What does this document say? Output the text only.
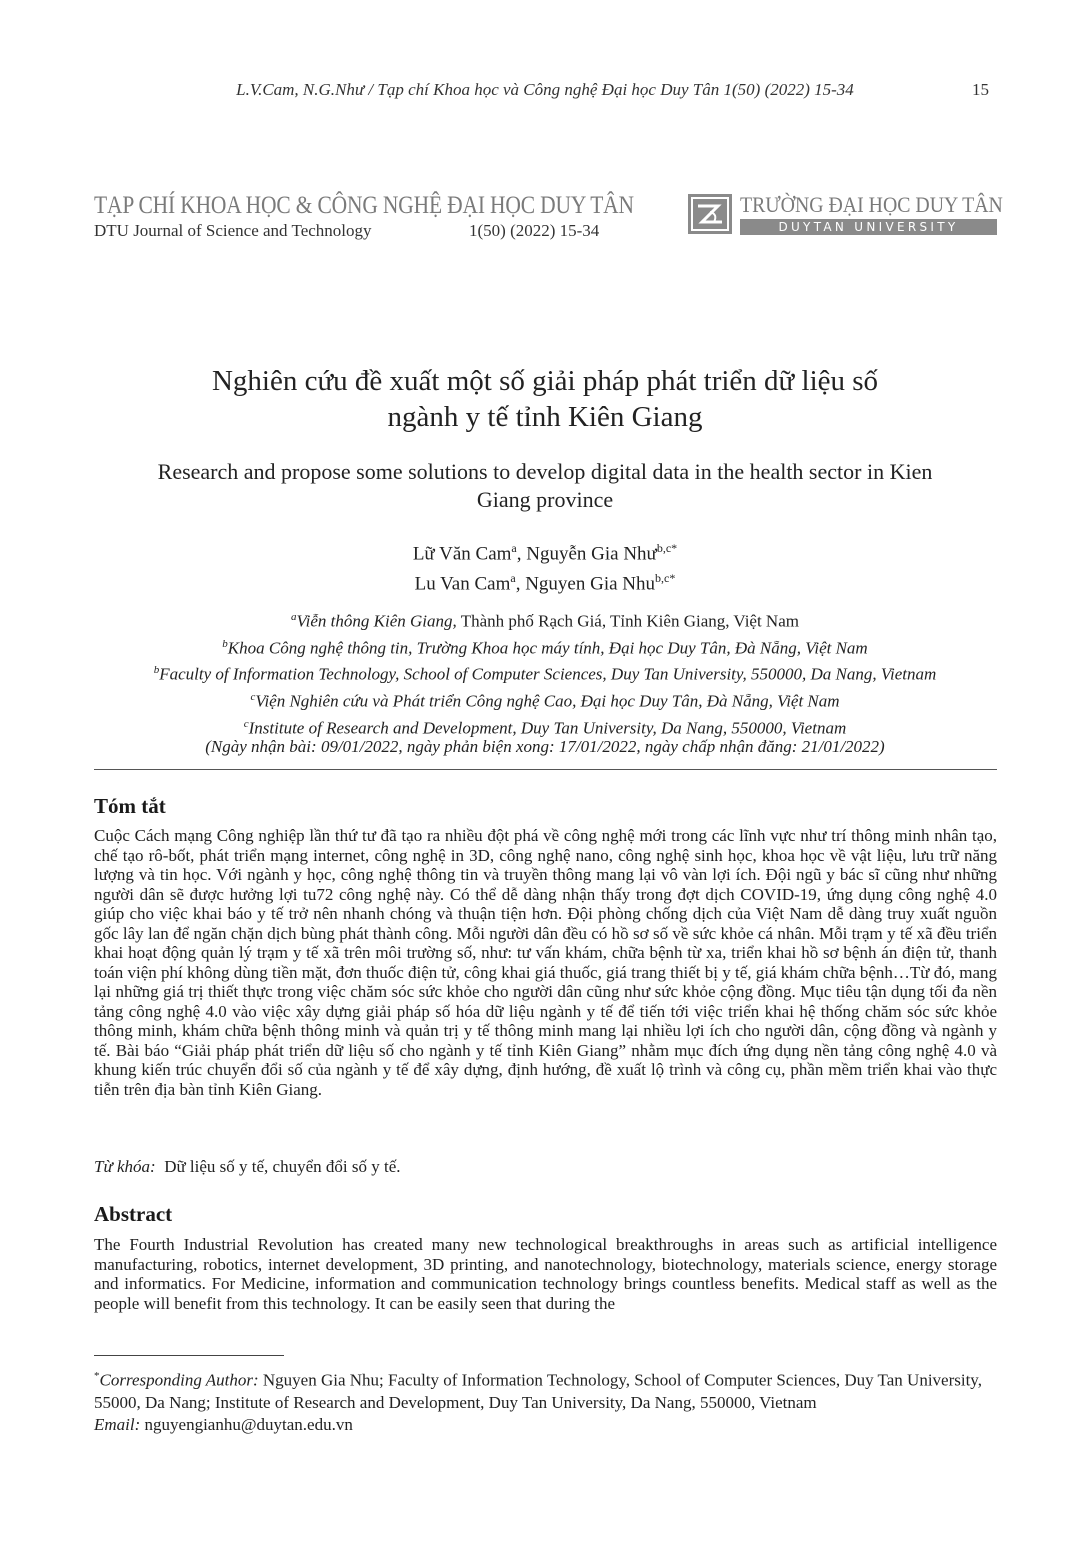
L.V.Cam, N.G.Như / Tạp chí Khoa học và Công nghệ Đại học Duy Tân 1(50) (2022) 15-34	15
TẠP CHÍ KHOA HỌC & CÔNG NGHỆ ĐẠI HỌC DUY TÂN
DTU Journal of Science and Technology	1(50) (2022) 15-34
TRƯỜNG ĐẠI HỌC DUY TÂN
DUYTAN UNIVERSITY
Nghiên cứu đề xuất một số giải pháp phát triển dữ liệu số
ngành y tế tỉnh Kiên Giang
Research and propose some solutions to develop digital data in the health sector in Kien
Giang province
Lữ Văn Cam$^a$, Nguyễn Gia Như$^{b,c*}$
Lu Van Cam$^a$, Nguyen Gia Nhu$^{b,c*}$
$^a$Viễn thông Kiên Giang, Thành phố Rạch Giá, Tỉnh Kiên Giang, Việt Nam
$^b$Khoa Công nghệ thông tin, Trường Khoa học máy tính, Đại học Duy Tân, Đà Nẵng, Việt Nam
$^b$Faculty of Information Technology, School of Computer Sciences, Duy Tan University, 550000, Da Nang, Vietnam
$^c$Viện Nghiên cứu và Phát triển Công nghệ Cao, Đại học Duy Tân, Đà Nẵng, Việt Nam
$^c$Institute of Research and Development, Duy Tan University, Da Nang, 550000, Vietnam
(Ngày nhận bài: 09/01/2022, ngày phản biện xong: 17/01/2022, ngày chấp nhận đăng: 21/01/2022)
Tóm tắt
Cuộc Cách mạng Công nghiệp lần thứ tư đã tạo ra nhiều đột phá về công nghệ mới trong các lĩnh vực như trí thông minh nhân tạo, chế tạo rô-bốt, phát triển mạng internet, công nghệ in 3D, công nghệ nano, công nghệ sinh học, khoa học về vật liệu, lưu trữ năng lượng và tin học. Với ngành y học, công nghệ thông tin và truyền thông mang lại vô vàn lợi ích. Đội ngũ y bác sĩ cũng như những người dân sẽ được hưởng lợi tu72 công nghệ này. Có thể dễ dàng nhận thấy trong đợt dịch COVID-19, ứng dụng công nghệ 4.0 giúp cho việc khai báo y tế trở nên nhanh chóng và thuận tiện hơn. Đội phòng chống dịch của Việt Nam dễ dàng truy xuất nguồn gốc lây lan để ngăn chặn dịch bùng phát thành công. Mỗi người dân đều có hồ sơ số về sức khỏe cá nhân. Mỗi trạm y tế xã đều triển khai hoạt động quản lý trạm y tế xã trên môi trường số, như: tư vấn khám, chữa bệnh từ xa, triển khai hồ sơ bệnh án điện tử, thanh toán viện phí không dùng tiền mặt, đơn thuốc điện tử, công khai giá thuốc, giá trang thiết bị y tế, giá khám chữa bệnh…Từ đó, mang lại những giá trị thiết thực trong việc chăm sóc sức khỏe cho người dân cũng như sức khỏe cộng đồng. Mục tiêu tận dụng tối đa nền tảng công nghệ 4.0 vào việc xây dựng giải pháp số hóa dữ liệu ngành y tế để tiến tới việc triển khai hệ thống chăm sóc sức khỏe thông minh, khám chữa bệnh thông minh và quản trị y tế thông minh mang lại nhiều lợi ích cho người dân, cộng đồng và ngành y tế. Bài báo “Giải pháp phát triển dữ liệu số cho ngành y tế tỉnh Kiên Giang” nhằm mục đích ứng dụng nền tảng công nghệ 4.0 và khung kiến trúc chuyển đổi số của ngành y tế để xây dựng, định hướng, đề xuất lộ trình và công cụ, phần mềm triển khai vào thực tiễn trên địa bàn tỉnh Kiên Giang.
Từ khóa: Dữ liệu số y tế, chuyển đổi số y tế.
Abstract
The Fourth Industrial Revolution has created many new technological breakthroughs in areas such as artificial intelligence manufacturing, robotics, internet development, 3D printing, and nanotechnology, biotechnology, materials science, energy storage and informatics. For Medicine, information and communication technology brings countless benefits. Medical staff as well as the people will benefit from this technology. It can be easily seen that during the
*Corresponding Author: Nguyen Gia Nhu; Faculty of Information Technology, School of Computer Sciences, Duy Tan University, 55000, Da Nang; Institute of Research and Development, Duy Tan University, Da Nang, 550000, Vietnam
Email: nguyengianhu@duytan.edu.vn
